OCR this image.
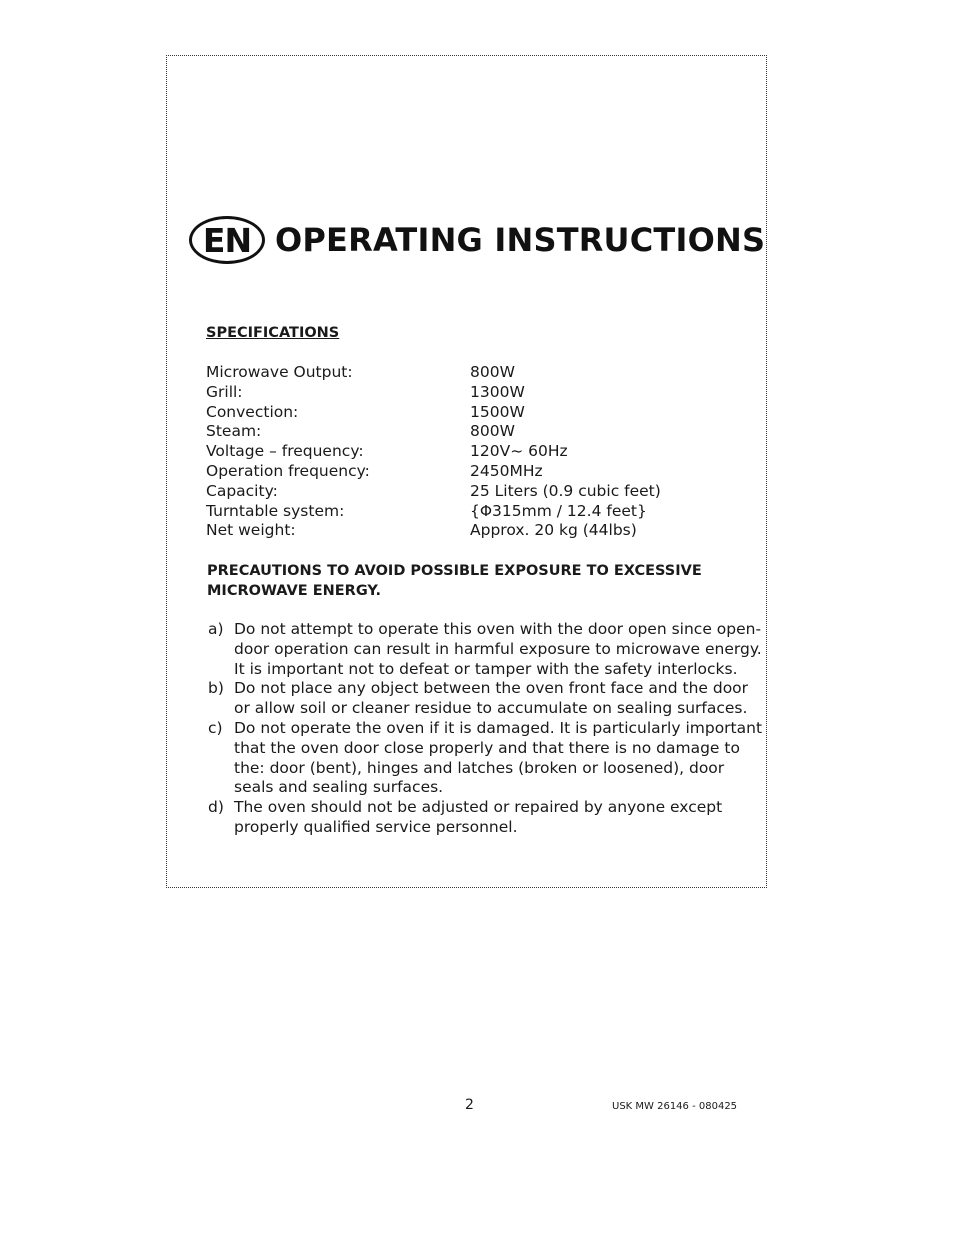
EN OPERATING INSTRUCTIONS
SPECIFICATIONS
Microwave Output:	800W
Grill:	1300W
Convection:	1500W
Steam:	800W
Voltage – frequency:	120V~ 60Hz
Operation frequency:	2450MHz
Capacity:	25 Liters (0.9 cubic feet)
Turntable system:	{Φ315mm / 12.4 feet}
Net weight:	Approx. 20 kg (44lbs)
PRECAUTIONS TO AVOID POSSIBLE EXPOSURE TO EXCESSIVE MICROWAVE ENERGY.
a) Do not attempt to operate this oven with the door open since open-door operation can result in harmful exposure to microwave energy. It is important not to defeat or tamper with the safety interlocks.
b) Do not place any object between the oven front face and the door or allow soil or cleaner residue to accumulate on sealing surfaces.
c) Do not operate the oven if it is damaged. It is particularly important that the oven door close properly and that there is no damage to the: door (bent), hinges and latches (broken or loosened), door seals and sealing surfaces.
d) The oven should not be adjusted or repaired by anyone except properly qualified service personnel.
2	USK MW 26146 - 080425
